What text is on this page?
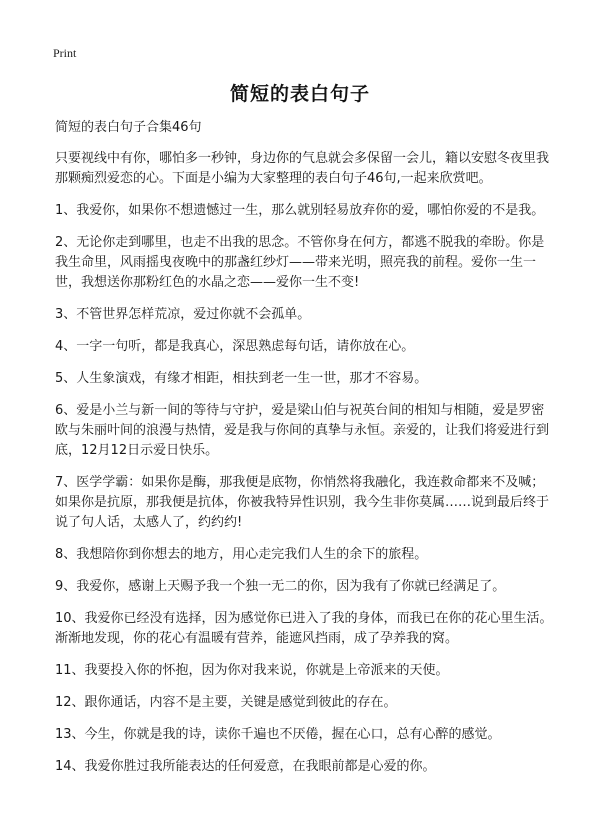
Print
简短的表白句子

简短的表白句子合集46句

只要视线中有你，哪怕多一秒钟，身边你的气息就会多保留一会儿，籍以安慰冬夜里我那颗痴烈爱恋的心。下面是小编为大家整理的表白句子46句,一起来欣赏吧。

1、我爱你，如果你不想遗憾过一生，那么就别轻易放弃你的爱，哪怕你爱的不是我。

2、无论你走到哪里，也走不出我的思念。不管你身在何方，都逃不脱我的牵盼。你是我生命里，风雨摇曳夜晚中的那盏红纱灯——带来光明，照亮我的前程。爱你一生一世，我想送你那粉红色的水晶之恋——爱你一生不变!

3、不管世界怎样荒凉，爱过你就不会孤单。

4、一字一句听，都是我真心，深思熟虑每句话，请你放在心。

5、人生象演戏，有缘才相距，相扶到老一生一世，那才不容易。

6、爱是小兰与新一间的等待与守护，爱是梁山伯与祝英台间的相知与相随，爱是罗密欧与朱丽叶间的浪漫与热情，爱是我与你间的真挚与永恒。亲爱的，让我们将爱进行到底，12月12日示爱日快乐。

7、医学学霸：如果你是酶，那我便是底物，你悄然将我融化，我连救命都来不及喊；如果你是抗原，那我便是抗体，你被我特异性识别，我今生非你莫属……说到最后终于说了句人话，太感人了，约约约!

8、我想陪你到你想去的地方，用心走完我们人生的余下的旅程。

9、我爱你，感谢上天赐予我一个独一无二的你，因为我有了你就已经满足了。

10、我爱你已经没有选择，因为感觉你已进入了我的身体，而我已在你的花心里生活。渐渐地发现，你的花心有温暖有营养，能遮风挡雨，成了孕养我的窝。

11、我要投入你的怀抱，因为你对我来说，你就是上帝派来的天使。

12、跟你通话，内容不是主要，关键是感觉到彼此的存在。

13、今生，你就是我的诗，读你千遍也不厌倦，握在心口，总有心醉的感觉。

14、我爱你胜过我所能表达的任何爱意，在我眼前都是心爱的你。
